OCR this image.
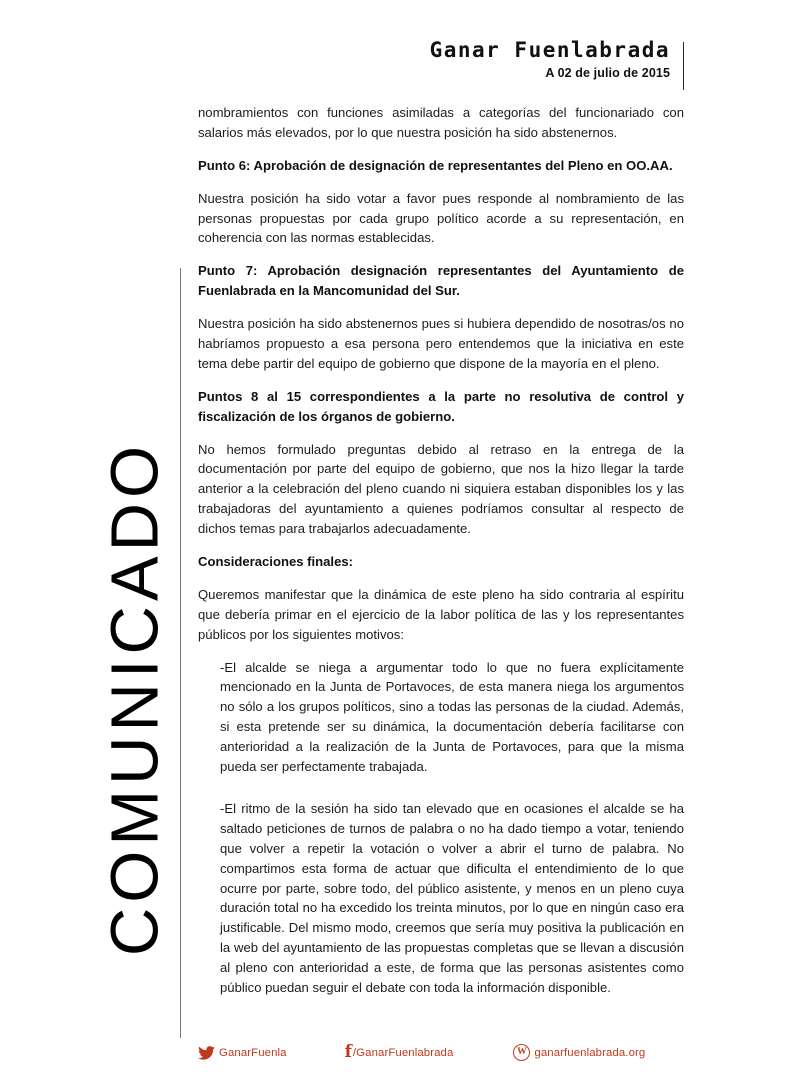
Ganar Fuenlabrada
A 02 de julio de 2015
COMUNICADO

nombramientos con funciones asimiladas a categorías del funcionariado con salarios más elevados, por lo que nuestra posición ha sido abstenernos.

Punto 6: Aprobación de designación de representantes del Pleno en OO.AA.

Nuestra posición ha sido votar a favor pues responde al nombramiento de las personas propuestas por cada grupo político acorde a su representación, en coherencia con las normas establecidas.

Punto 7: Aprobación designación representantes del Ayuntamiento de Fuenlabrada en la Mancomunidad del Sur.

Nuestra posición ha sido abstenernos pues si hubiera dependido de nosotras/os no habríamos propuesto a esa persona pero entendemos que la iniciativa en este tema debe partir del equipo de gobierno que dispone de la mayoría en el pleno.

Puntos 8 al 15 correspondientes a la parte no resolutiva de control y fiscalización de los órganos de gobierno.

No hemos formulado preguntas debido al retraso en la entrega de la documentación por parte del equipo de gobierno, que nos la hizo llegar la tarde anterior a la celebración del pleno cuando ni siquiera estaban disponibles los y las trabajadoras del ayuntamiento a quienes podríamos consultar al respecto de dichos temas para trabajarlos adecuadamente.

Consideraciones finales:

Queremos manifestar que la dinámica de este pleno ha sido contraria al espíritu que debería primar en el ejercicio de la labor política de las y los representantes públicos por los siguientes motivos:

-El alcalde se niega a argumentar todo lo que no fuera explícitamente mencionado en la Junta de Portavoces, de esta manera niega los argumentos no sólo a los grupos políticos, sino a todas las personas de la ciudad. Además, si esta pretende ser su dinámica, la documentación debería facilitarse con anterioridad a la realización de la Junta de Portavoces, para que la misma pueda ser perfectamente trabajada.

-El ritmo de la sesión ha sido tan elevado que en ocasiones el alcalde se ha saltado peticiones de turnos de palabra o no ha dado tiempo a votar, teniendo que volver a repetir la votación o volver a abrir el turno de palabra. No compartimos esta forma de actuar que dificulta el entendimiento de lo que ocurre por parte, sobre todo, del público asistente, y menos en un pleno cuya duración total no ha excedido los treinta minutos, por lo que en ningún caso era justificable. Del mismo modo, creemos que sería muy positiva la publicación en la web del ayuntamiento de las propuestas completas que se llevan a discusión al pleno con anterioridad a este, de forma que las personas asistentes como público puedan seguir el debate con toda la información disponible.

GanarFuenla	f /GanarFuenlabrada	W ganarfuenlabrada.org
